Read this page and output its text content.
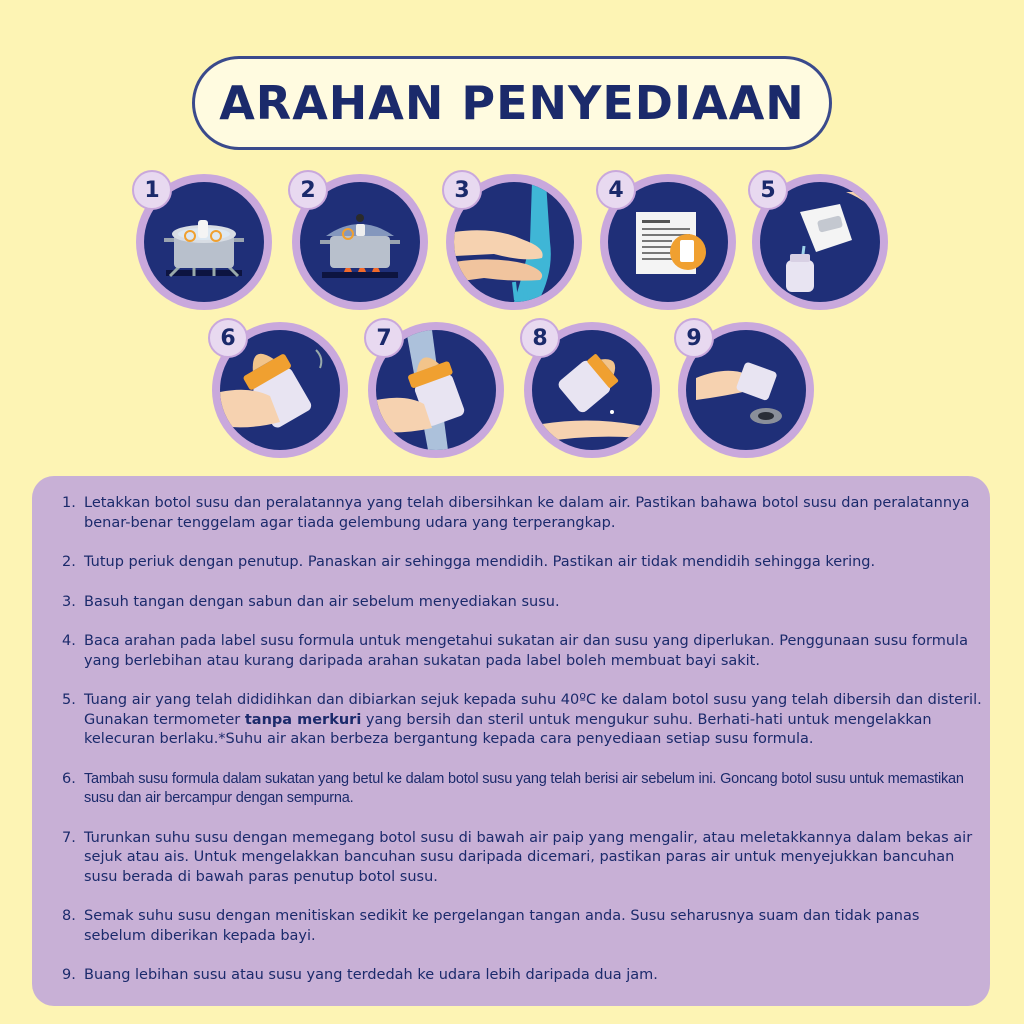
ARAHAN PENYEDIAAN
1	2	3	4	5
6	7	8	9
1. Letakkan botol susu dan peralatannya yang telah dibersihkan ke dalam air. Pastikan bahawa botol susu dan peralatannya benar-benar tenggelam agar tiada gelembung udara yang terperangkap.
2. Tutup periuk dengan penutup. Panaskan air sehingga mendidih. Pastikan air tidak mendidih sehingga kering.
3. Basuh tangan dengan sabun dan air sebelum menyediakan susu.
4. Baca arahan pada label susu formula untuk mengetahui sukatan air dan susu yang diperlukan. Penggunaan susu formula yang berlebihan atau kurang daripada arahan sukatan pada label boleh membuat bayi sakit.
5. Tuang air yang telah dididihkan dan dibiarkan sejuk kepada suhu 40ºC ke dalam botol susu yang telah dibersih dan disteril. Gunakan termometer tanpa merkuri yang bersih dan steril untuk mengukur suhu. Berhati-hati untuk mengelakkan kelecuran berlaku.*Suhu air akan berbeza bergantung kepada cara penyediaan setiap susu formula.
6. Tambah susu formula dalam sukatan yang betul ke dalam botol susu yang telah berisi air sebelum ini. Goncang botol susu untuk memastikan susu dan air bercampur dengan sempurna.
7. Turunkan suhu susu dengan memegang botol susu di bawah air paip yang mengalir, atau meletakkannya dalam bekas air sejuk atau ais. Untuk mengelakkan bancuhan susu daripada dicemari, pastikan paras air untuk menyejukkan bancuhan susu berada di bawah paras penutup botol susu.
8. Semak suhu susu dengan menitiskan sedikit ke pergelangan tangan anda. Susu seharusnya suam dan tidak panas sebelum diberikan kepada bayi.
9. Buang lebihan susu atau susu yang terdedah ke udara lebih daripada dua jam.
